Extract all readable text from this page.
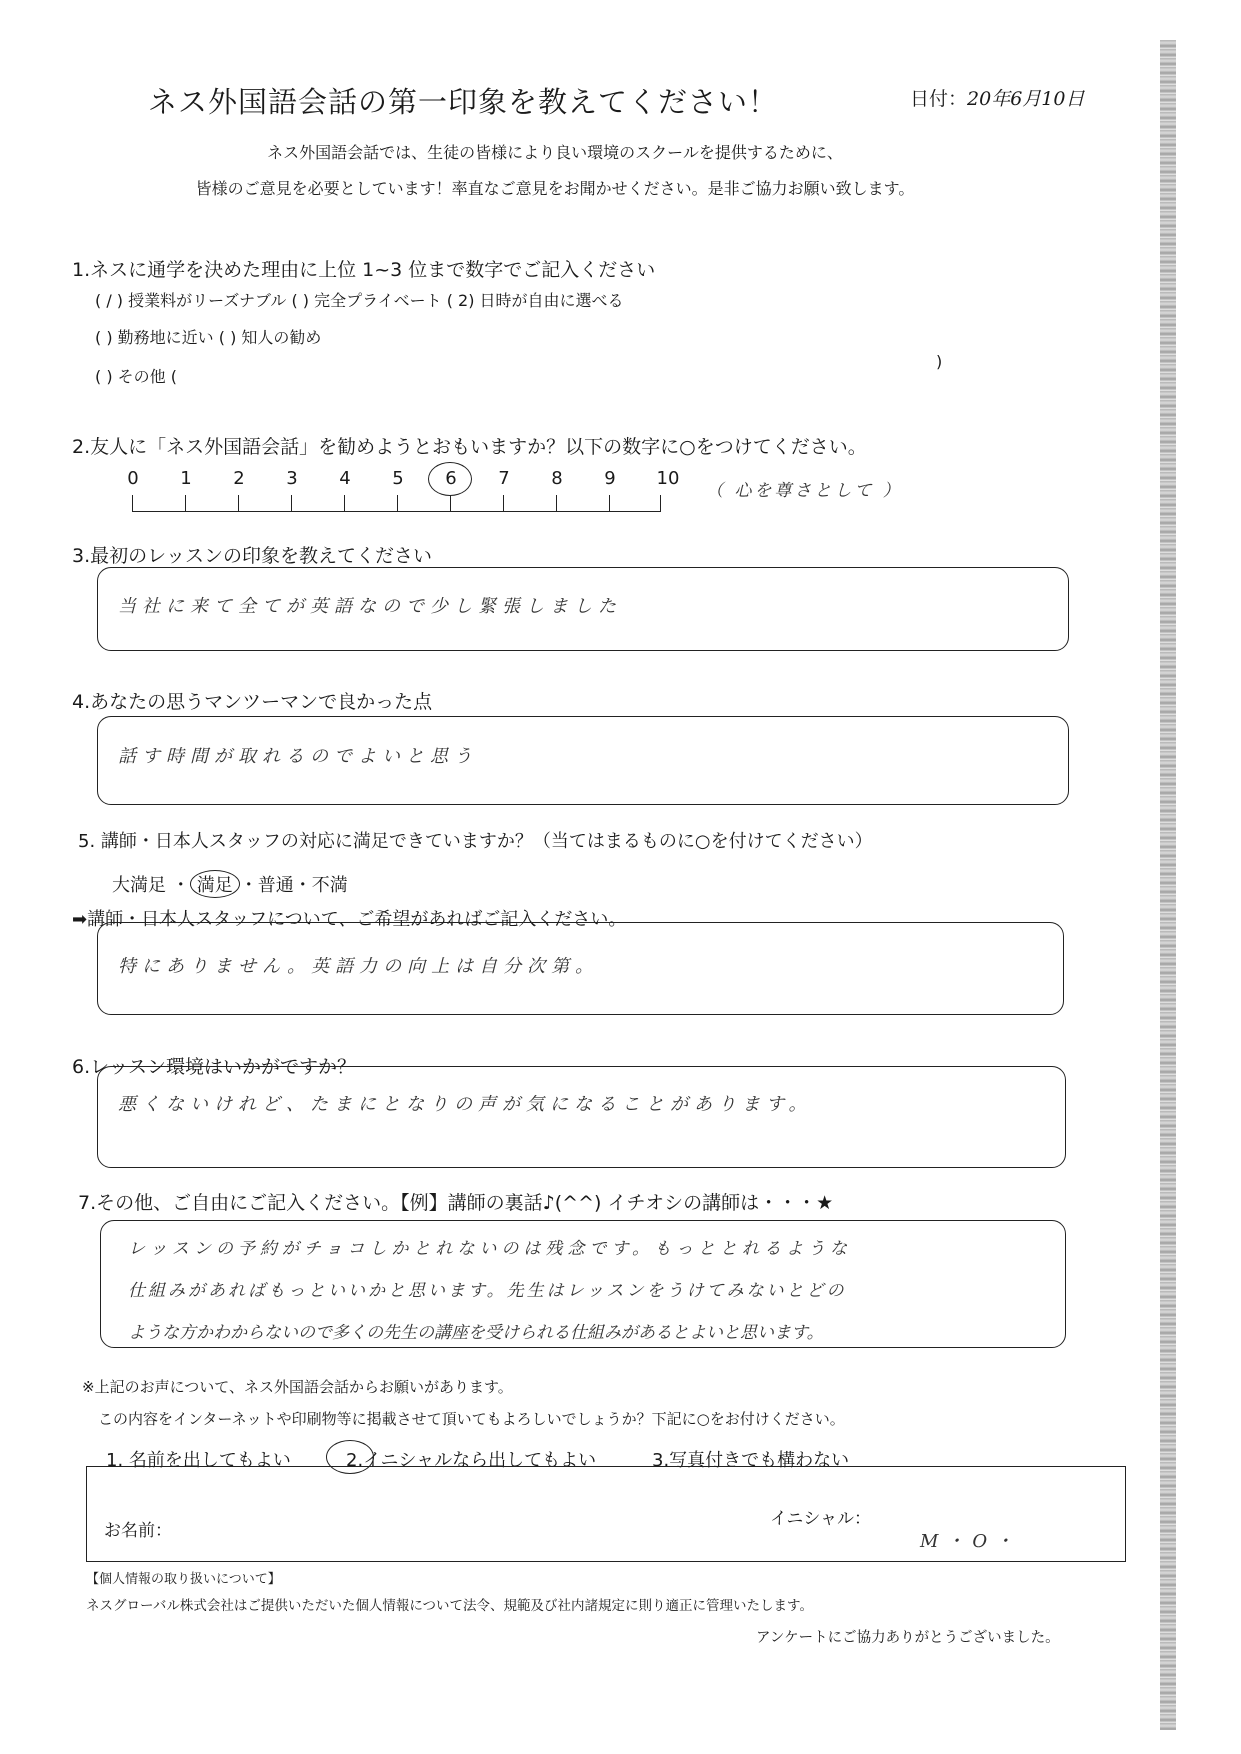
ネス外国語会話の第一印象を教えてください！	日付：20年6月10日
ネス外国語会話では、生徒の皆様により良い環境のスクールを提供するために、
皆様のご意見を必要としています！率直なご意見をお聞かせください。是非ご協力お願い致します。
1.ネスに通学を決めた理由に上位 1~3 位まで数字でご記入ください
( / ) 授業料がリーズナブル ( ) 完全プライベート ( 2) 日時が自由に選べる
( ) 勤務地に近い ( ) 知人の勧め
( ) その他 (
)
2.友人に「ネス外国語会話」を勧めようとおもいますか？以下の数字に○をつけてください。
0	1	2	3	4	5	6	7	8	9	10
（ 心を尊さとして ）
3.最初のレッスンの印象を教えてください
当社に来て全てが英語なので少し緊張しました
4.あなたの思うマンツーマンで良かった点
話す時間が取れるのでよいと思う
5. 講師・日本人スタッフの対応に満足できていますか？（当てはまるものに○を付けてください）
大満足 ・ 満足 ・普通・不満
➡講師・日本人スタッフについて、ご希望があればご記入ください。
特にありません。英語力の向上は自分次第。
6.レッスン環境はいかがですか？
悪くないけれど、たまにとなりの声が気になることがあります。
7.その他、ご自由にご記入ください。【例】講師の裏話♪(^^) イチオシの講師は・・・★
レッスンの予約がチョコしかとれないのは残念です。もっととれるような
仕組みがあればもっといいかと思います。先生はレッスンをうけてみないとどの
ような方かわからないので多くの先生の講座を受けられる仕組みがあるとよいと思います。
※上記のお声について、ネス外国語会話からお願いがあります。
この内容をインターネットや印刷物等に掲載させて頂いてもよろしいでしょうか？下記に○をお付けください。
1. 名前を出してもよい	2.イニシャルなら出してもよい	3.写真付きでも構わない
お名前：
イニシャル：
M・O・
【個人情報の取り扱いについて】
ネスグローバル株式会社はご提供いただいた個人情報について法令、規範及び社内諸規定に則り適正に管理いたします。
アンケートにご協力ありがとうございました。
